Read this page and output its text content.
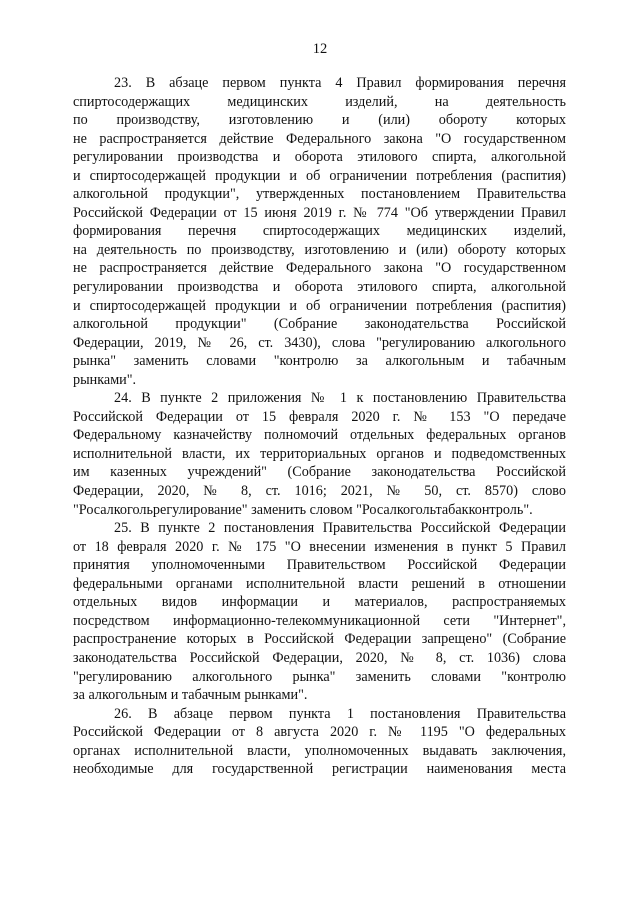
12
23. В абзаце первом пункта 4 Правил формирования перечня
спиртосодержащих медицинских изделий, на деятельность
по производству, изготовлению и (или) обороту которых
не распространяется действие Федерального закона "О государственном
регулировании производства и оборота этилового спирта, алкогольной
и спиртосодержащей продукции и об ограничении потребления (распития)
алкогольной продукции", утвержденных постановлением Правительства
Российской Федерации от 15 июня 2019 г. № 774 "Об утверждении Правил
формирования перечня спиртосодержащих медицинских изделий,
на деятельность по производству, изготовлению и (или) обороту которых
не распространяется действие Федерального закона "О государственном
регулировании производства и оборота этилового спирта, алкогольной
и спиртосодержащей продукции и об ограничении потребления (распития)
алкогольной продукции" (Собрание законодательства Российской
Федерации, 2019, № 26, ст. 3430), слова "регулированию алкогольного
рынка" заменить словами "контролю за алкогольным и табачным
рынками".
24. В пункте 2 приложения № 1 к постановлению Правительства
Российской Федерации от 15 февраля 2020 г. № 153 "О передаче
Федеральному казначейству полномочий отдельных федеральных органов
исполнительной власти, их территориальных органов и подведомственных
им казенных учреждений" (Собрание законодательства Российской
Федерации, 2020, № 8, ст. 1016; 2021, № 50, ст. 8570) слово
"Росалкогольрегулирование" заменить словом "Росалкогольтабакконтроль".
25. В пункте 2 постановления Правительства Российской Федерации
от 18 февраля 2020 г. № 175 "О внесении изменения в пункт 5 Правил
принятия уполномоченными Правительством Российской Федерации
федеральными органами исполнительной власти решений в отношении
отдельных видов информации и материалов, распространяемых
посредством информационно-телекоммуникационной сети "Интернет",
распространение которых в Российской Федерации запрещено" (Собрание
законодательства Российской Федерации, 2020, № 8, ст. 1036) слова
"регулированию алкогольного рынка" заменить словами "контролю
за алкогольным и табачным рынками".
26. В абзаце первом пункта 1 постановления Правительства
Российской Федерации от 8 августа 2020 г. № 1195 "О федеральных
органах исполнительной власти, уполномоченных выдавать заключения,
необходимые для государственной регистрации наименования места
